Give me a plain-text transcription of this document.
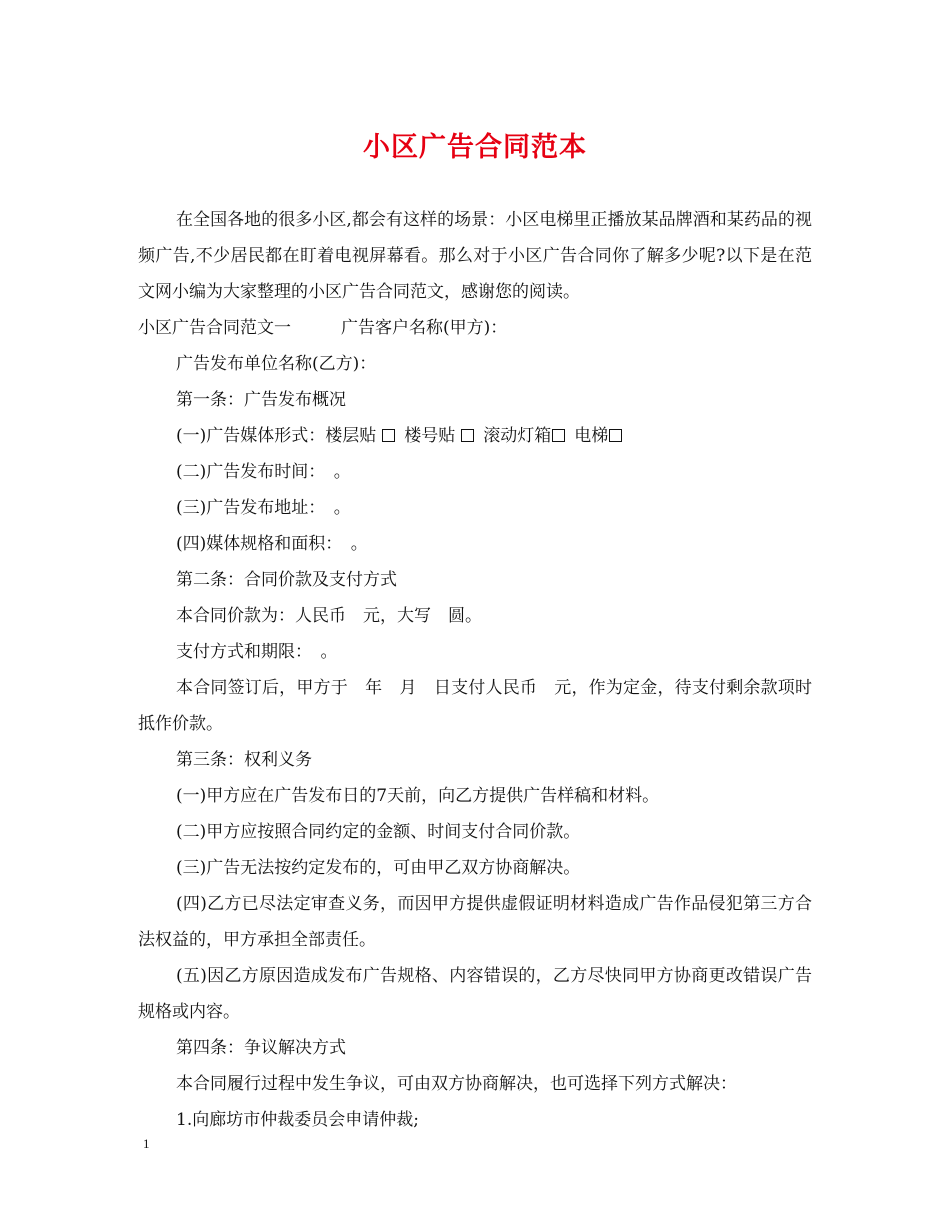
小区广告合同范本

在全国各地的很多小区,都会有这样的场景：小区电梯里正播放某品牌酒和某药品的视频广告,不少居民都在盯着电视屏幕看。那么对于小区广告合同你了解多少呢?以下是在范文网小编为大家整理的小区广告合同范文，感谢您的阅读。

小区广告合同范文一	广告客户名称(甲方)：

广告发布单位名称(乙方)：

第一条：广告发布概况

(一)广告媒体形式：楼层贴 楼号贴 滚动灯箱 电梯

(二)广告发布时间：　。

(三)广告发布地址：　。

(四)媒体规格和面积：　。

第二条：合同价款及支付方式

本合同价款为：人民币　元，大写　圆。

支付方式和期限：　。

本合同签订后，甲方于　年　月　日支付人民币　元，作为定金，待支付剩余款项时抵作价款。

第三条：权利义务

(一)甲方应在广告发布日的7天前，向乙方提供广告样稿和材料。

(二)甲方应按照合同约定的金额、时间支付合同价款。

(三)广告无法按约定发布的，可由甲乙双方协商解决。

(四)乙方已尽法定审查义务，而因甲方提供虚假证明材料造成广告作品侵犯第三方合法权益的，甲方承担全部责任。

(五)因乙方原因造成发布广告规格、内容错误的，乙方尽快同甲方协商更改错误广告规格或内容。

第四条：争议解决方式

本合同履行过程中发生争议，可由双方协商解决，也可选择下列方式解决：

1.向廊坊市仲裁委员会申请仲裁;

1
